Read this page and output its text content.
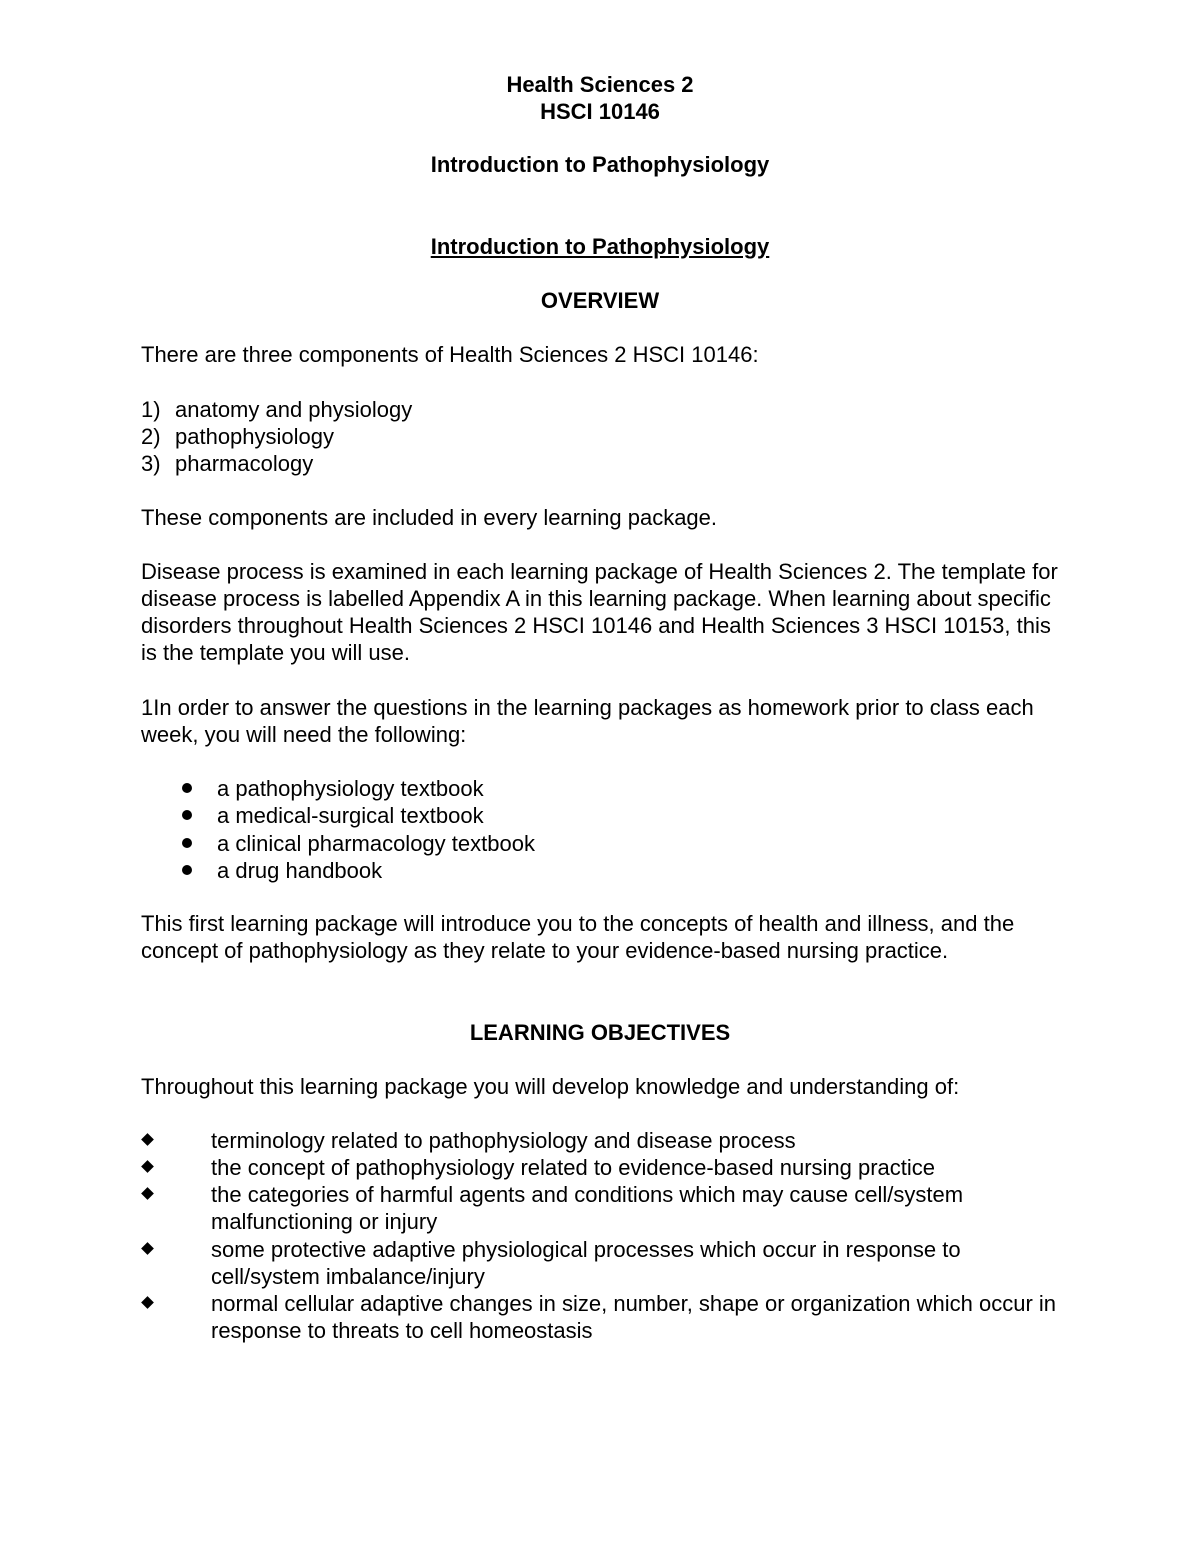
Health Sciences 2
HSCI 10146
Introduction to Pathophysiology
Introduction to Pathophysiology
OVERVIEW
There are three components of Health Sciences 2 HSCI 10146:
1) anatomy and physiology
2) pathophysiology
3) pharmacology
These components are included in every learning package.

Disease process is examined in each learning package of Health Sciences 2. The template for disease process is labelled Appendix A in this learning package. When learning about specific disorders throughout Health Sciences 2 HSCI 10146 and Health Sciences 3 HSCI 10153, this is the template you will use.

1In order to answer the questions in the learning packages as homework prior to class each week, you will need the following:

a pathophysiology textbook
a medical-surgical textbook
a clinical pharmacology textbook
a drug handbook

This first learning package will introduce you to the concepts of health and illness, and the concept of pathophysiology as they relate to your evidence-based nursing practice.

LEARNING OBJECTIVES
Throughout this learning package you will develop knowledge and understanding of:
terminology related to pathophysiology and disease process
the concept of pathophysiology related to evidence-based nursing practice
the categories of harmful agents and conditions which may cause cell/system malfunctioning or injury
some protective adaptive physiological processes which occur in response to cell/system imbalance/injury
normal cellular adaptive changes in size, number, shape or organization which occur in response to threats to cell homeostasis
